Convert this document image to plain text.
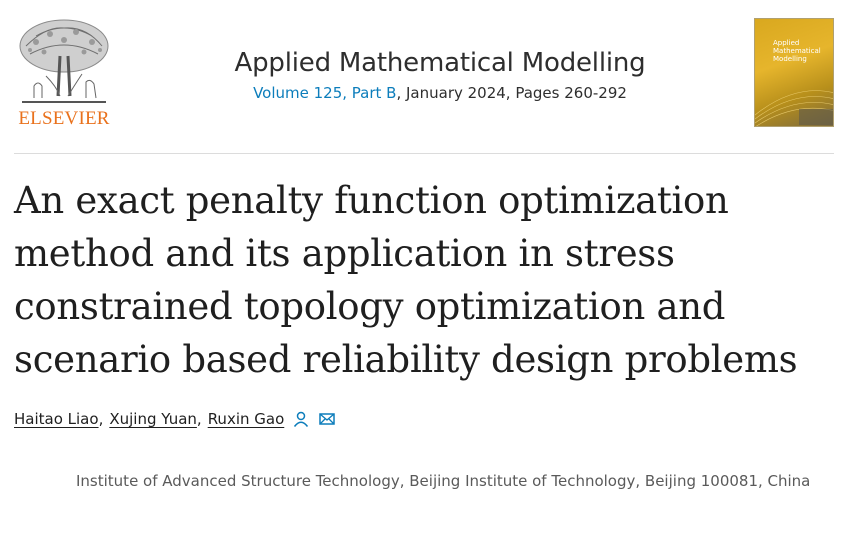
ELSEVIER
Applied Mathematical Modelling
Volume 125, Part B, January 2024, Pages 260-292
Applied Mathematical Modelling
An exact penalty function optimization method and its application in stress constrained topology optimization and scenario based reliability design problems
Haitao Liao , Xujing Yuan , Ruxin Gao
Institute of Advanced Structure Technology, Beijing Institute of Technology, Beijing 100081, China
